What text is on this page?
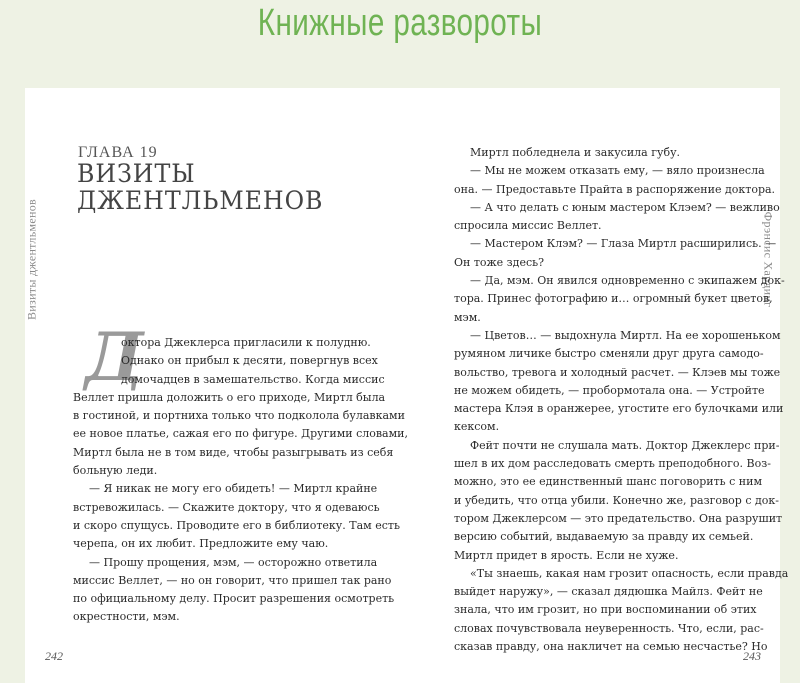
Книжные развороты
Визиты джентльменов	Фрэнсис Хардинг
ГЛАВА 19
ВИЗИТЫ
ДЖЕНТЛЬМЕНОВ
Д

октора Джеклерса пригласили к полудню.

Однако он прибыл к десяти, повергнув всех

домочадцев в замешательство. Когда миссис

Веллет пришла доложить о его приходе, Миртл была

в гостиной, и портниха только что подколола булавками

ее новое платье, сажая его по фигуре. Другими словами,

Миртл была не в том виде, чтобы разыгрывать из себя

больную леди.

— Я никак не могу его обидеть! — Миртл крайне

встревожилась. — Скажите доктору, что я одеваюсь

и скоро спущусь. Проводите его в библиотеку. Там есть

черепа, он их любит. Предложите ему чаю.

— Прошу прощения, мэм, — осторожно ответила

миссис Веллет, — но он говорит, что пришел так рано

по официальному делу. Просит разрешения осмотреть

окрестности, мэм.

Миртл побледнела и закусила губу.

— Мы не можем отказать ему, — вяло произнесла

она. — Предоставьте Прайта в распоряжение доктора.

— А что делать с юным мастером Клэем? — вежливо

спросила миссис Веллет.

— Мастером Клэм? — Глаза Миртл расширились. —

Он тоже здесь?

— Да, мэм. Он явился одновременно с экипажем док-

тора. Принес фотографию и… огромный букет цветов,

мэм.

— Цветов… — выдохнула Миртл. На ее хорошеньком

румяном личике быстро сменяли друг друга самодо-

вольство, тревога и холодный расчет. — Клэев мы тоже

не можем обидеть, — пробормотала она. — Устройте

мастера Клэя в оранжерее, угостите его булочками или

кексом.

Фейт почти не слушала мать. Доктор Джеклерс при-

шел в их дом расследовать смерть преподобного. Воз-

можно, это ее единственный шанс поговорить с ним

и убедить, что отца убили. Конечно же, разговор с док-

тором Джеклерсом — это предательство. Она разрушит

версию событий, выдаваемую за правду их семьей.

Миртл придет в ярость. Если не хуже.

«Ты знаешь, какая нам грозит опасность, если правда

выйдет наружу», — сказал дядюшка Майлз. Фейт не

знала, что им грозит, но при воспоминании об этих

словах почувствовала неуверенность. Что, если, рас-

сказав правду, она накличет на семью несчастье? Но

242	243
